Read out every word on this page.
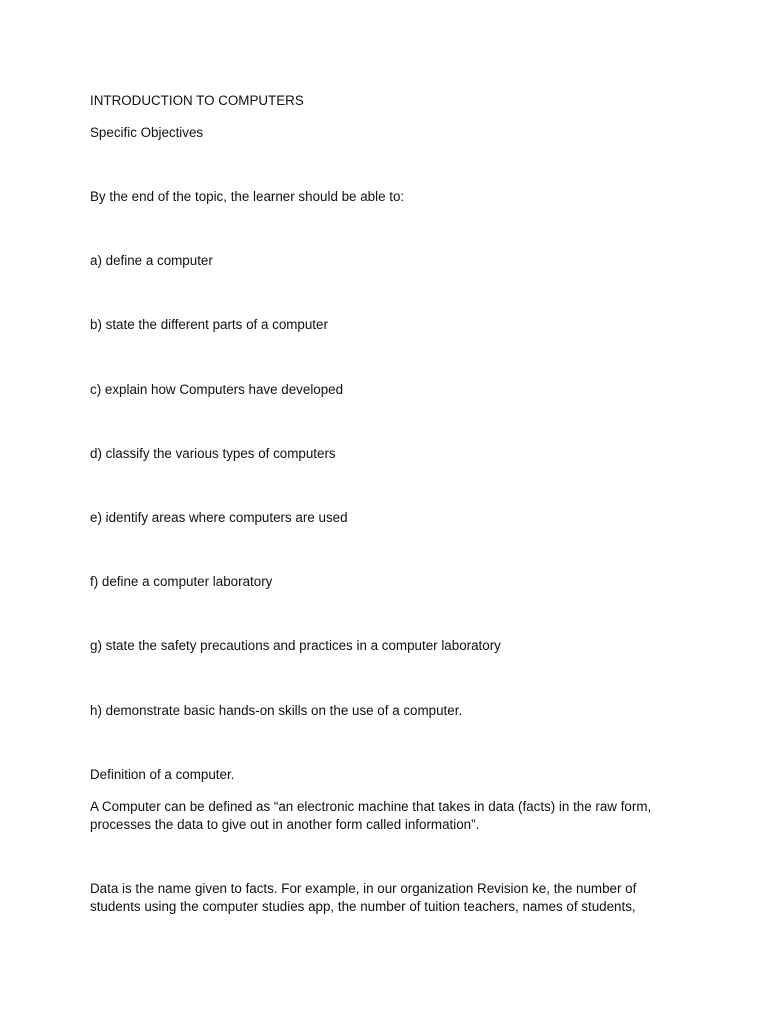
INTRODUCTION TO COMPUTERS
Specific Objectives
By the end of the topic, the learner should be able to:
a) define a computer
b) state the different parts of a computer
c) explain how Computers have developed
d) classify the various types of computers
e) identify areas where computers are used
f) define a computer laboratory
g) state the safety precautions and practices in a computer laboratory
h) demonstrate basic hands-on skills on the use of a computer.
Definition of a computer.
A Computer can be defined as “an electronic machine that takes in data (facts) in the raw form,
processes the data to give out in another form called information”.
Data is the name given to facts. For example, in our organization Revision ke, the number of
students using the computer studies app, the number of tuition teachers, names of students,
